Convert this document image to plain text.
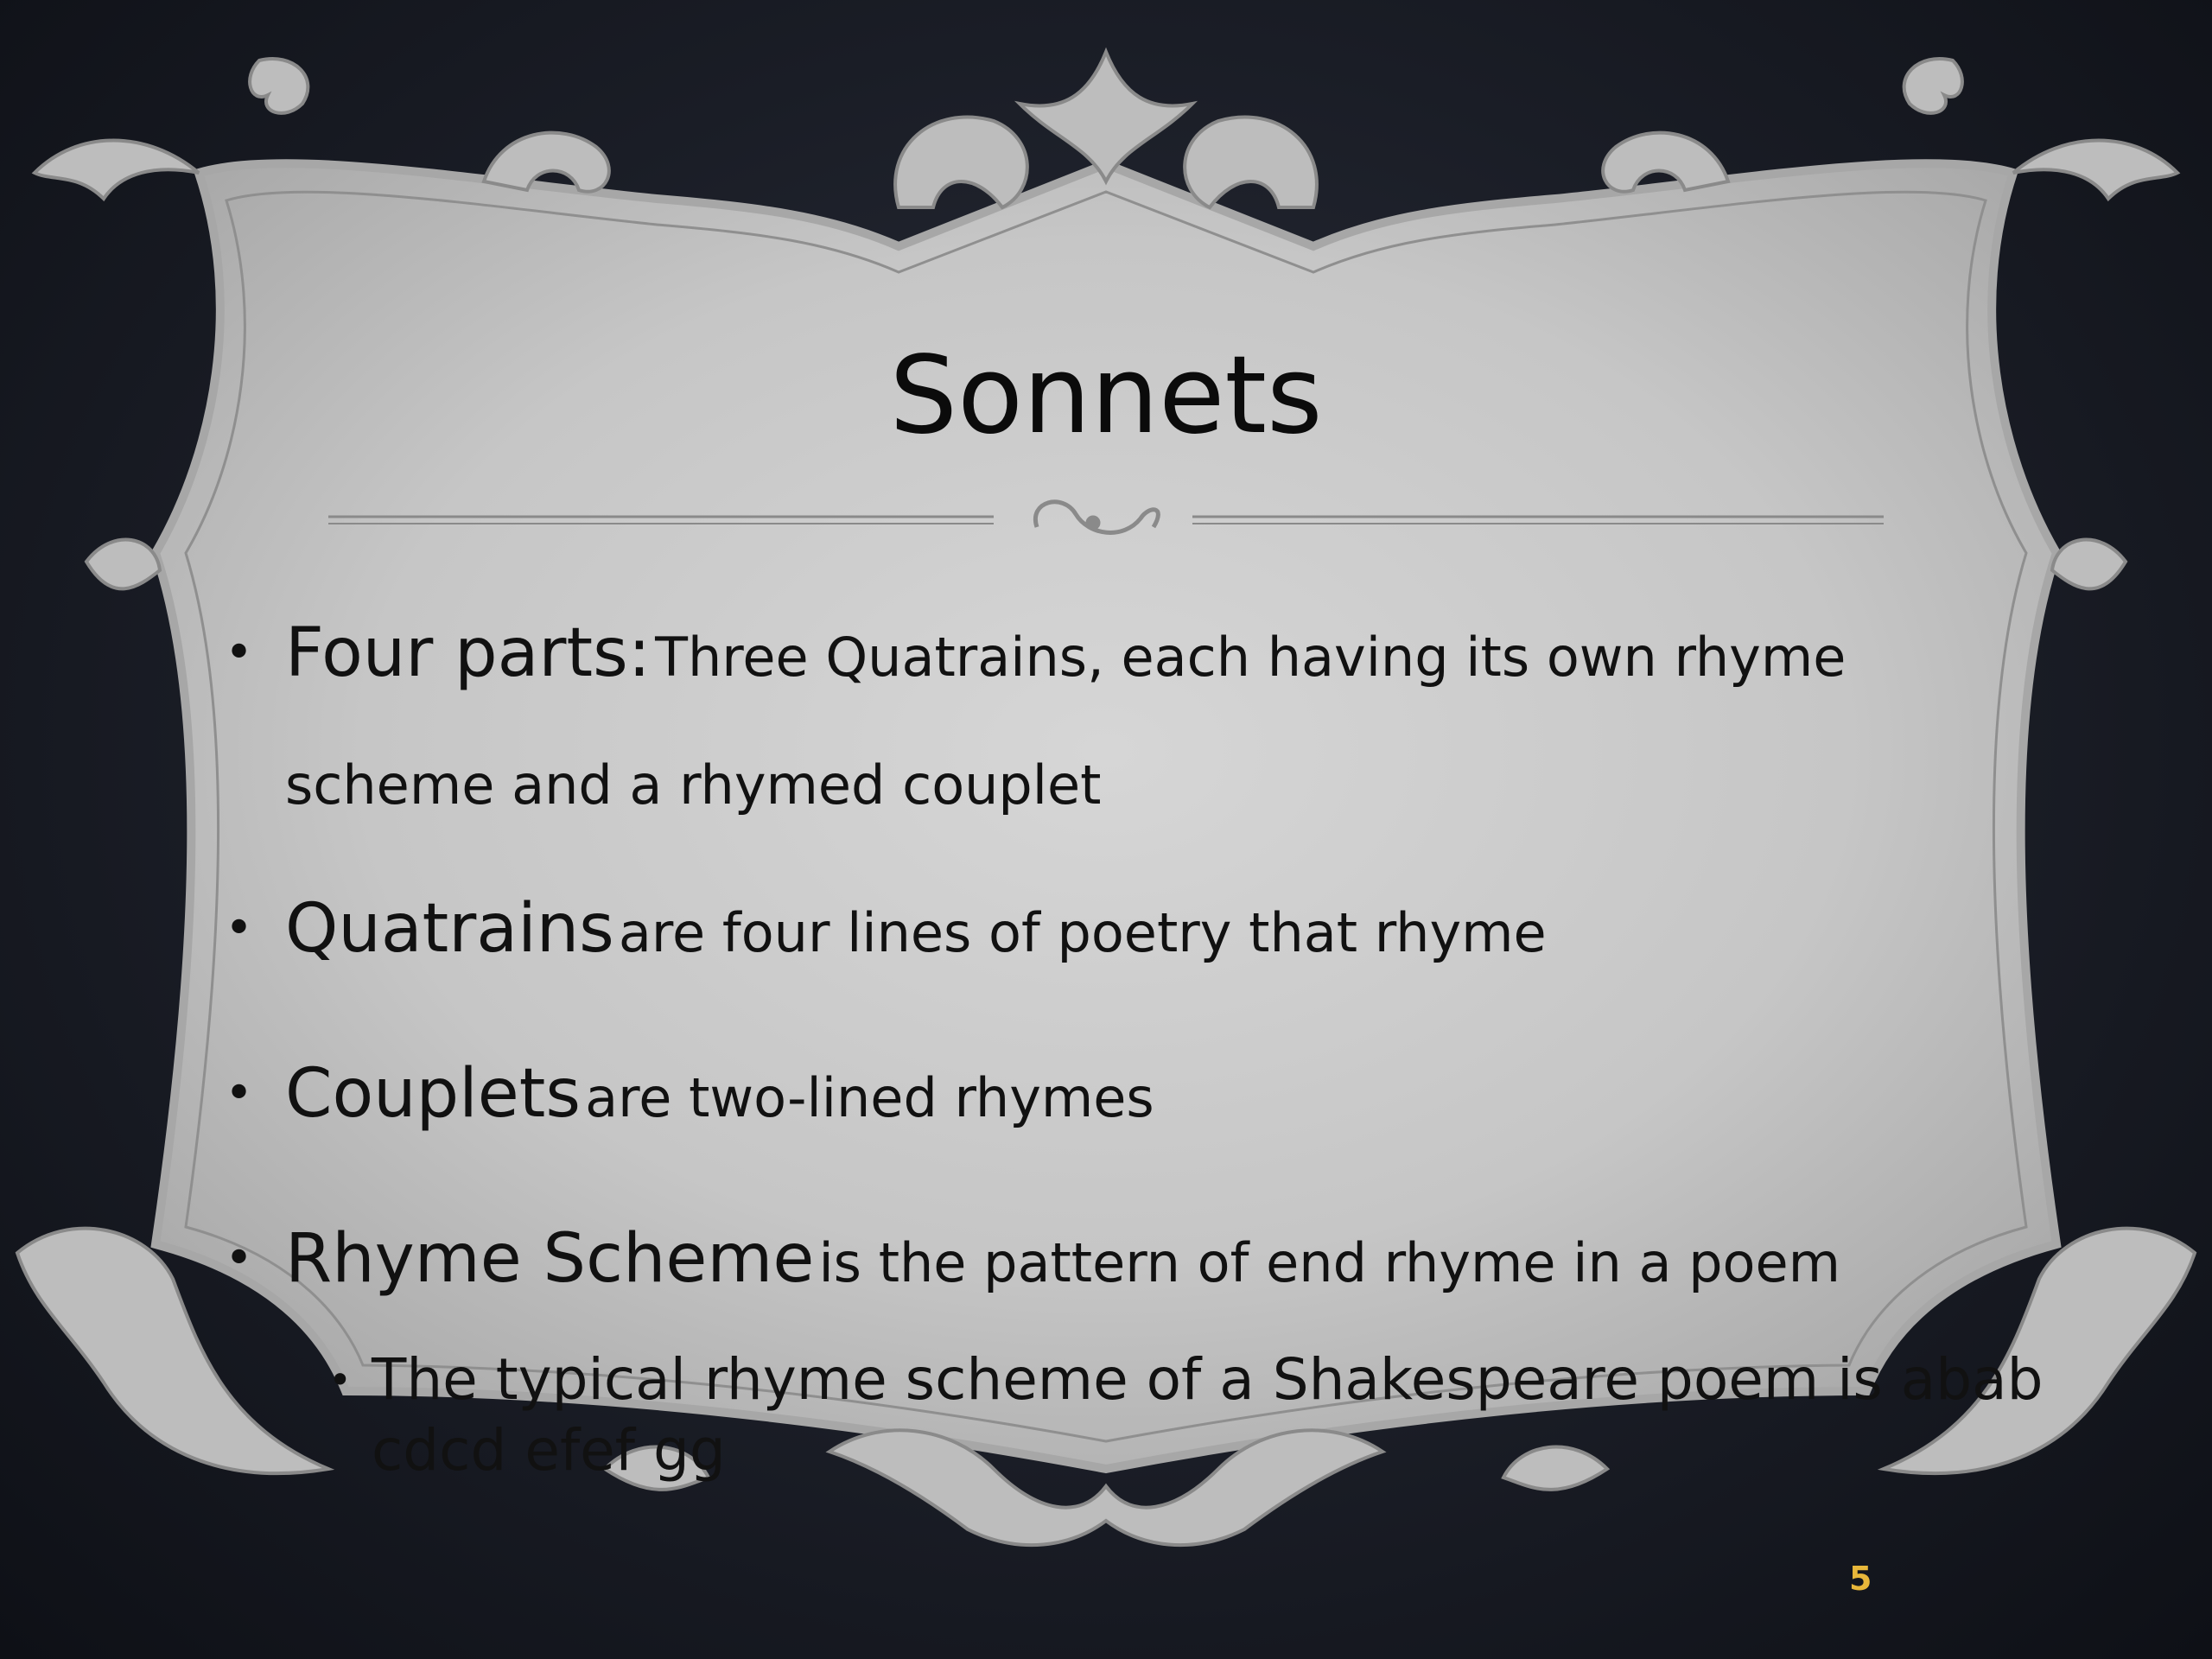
Sonnets
• Four parts: Three Quatrains, each having its own rhyme scheme and a rhymed couplet
• Quatrains are four lines of poetry that rhyme
• Couplets are two-lined rhymes
• Rhyme Scheme is the pattern of end rhyme in a poem
• The typical rhyme scheme of a Shakespeare poem is abab cdcd efef gg
5
